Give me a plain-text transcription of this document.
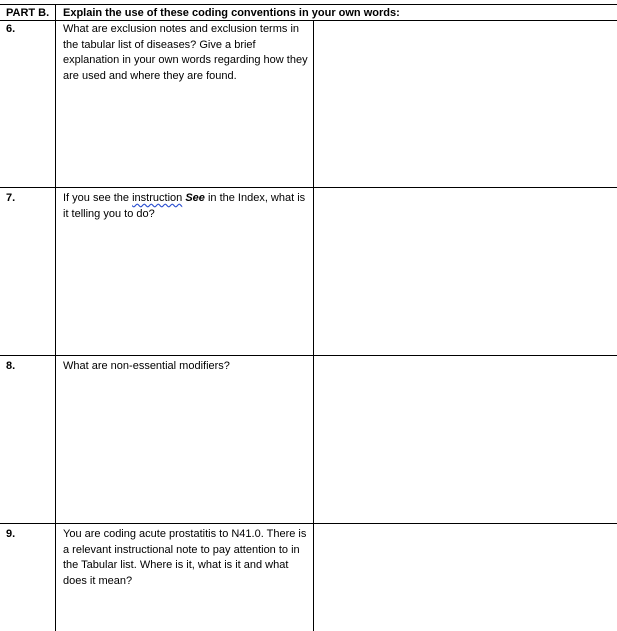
PART B. Explain the use of these coding conventions in your own words:
6.	What are exclusion notes and exclusion terms in the tabular list of diseases? Give a brief explanation in your own words regarding how they are used and where they are found.
7.	If you see the instruction See in the Index, what is it telling you to do?
8.	What are non-essential modifiers?
9.	You are coding acute prostatitis to N41.0. There is a relevant instructional note to pay attention to in the Tabular list. Where is it, what is it and what does it mean?
